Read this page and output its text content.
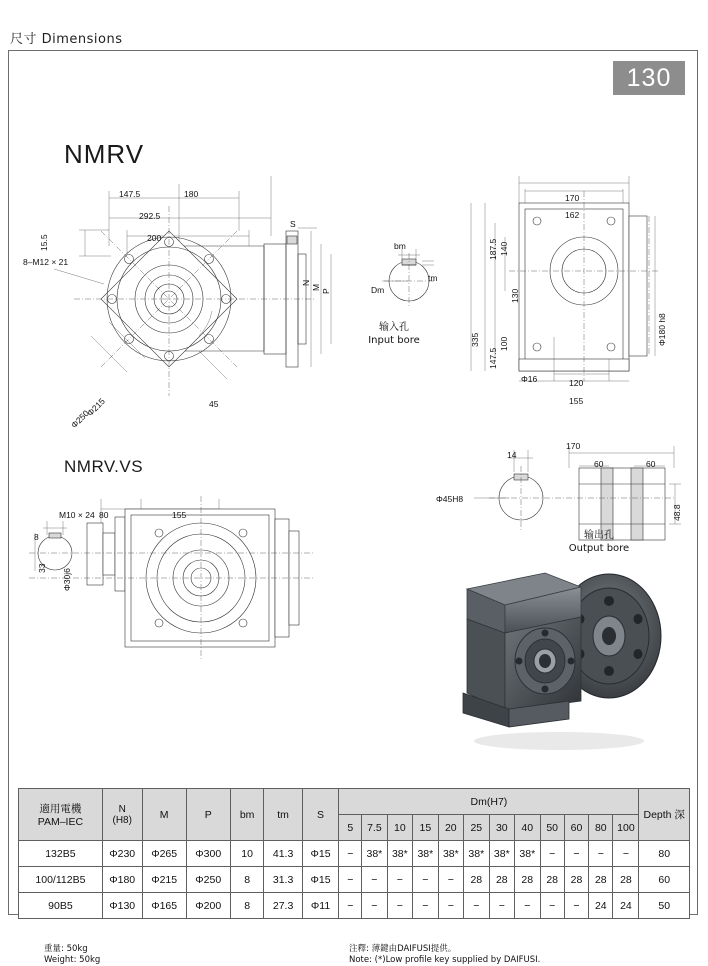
尺寸 Dimensions
130
NMRV
147.5	180
292.5
200
15.5
8–M12 × 21
Φ215
Φ250
45
S
N
M
P
bm
Dm
tm
输入孔
Input bore
170
162
187.5 140
130
335
147.5
100
Φ16	120
155
Φ180 h8
170
60	60
14
Φ45H8
48.8
输出孔
Output bore
NMRV.VS
M10 × 24 80	155
8
33 Φ30j6
適用電機
PAM–IEC

N
(H8)	M	P	bm	tm	S	Dm(H7)	Depth 深
							5	7.5	10	15	20	25	30	40	50	60	80	100	
132B5	Φ230	Φ265	Φ300	10	41.3	Φ15	−	38*	38*	38*	38*	38*	38*	38*	−	−	−	−	80
100/112B5	Φ180	Φ215	Φ250	8	31.3	Φ15	−	−	−	−	−	28	28	28	28	28	28	28	60
90B5	Φ130	Φ165	Φ200	8	27.3	Φ11	−	−	−	−	−	−	−	−	−	−	24	24	50
重量: 50kg
Weight: 50kg
注釋: 薄鍵由DAIFUSI提供。
Note: (*)Low profile key supplied by DAIFUSI.
